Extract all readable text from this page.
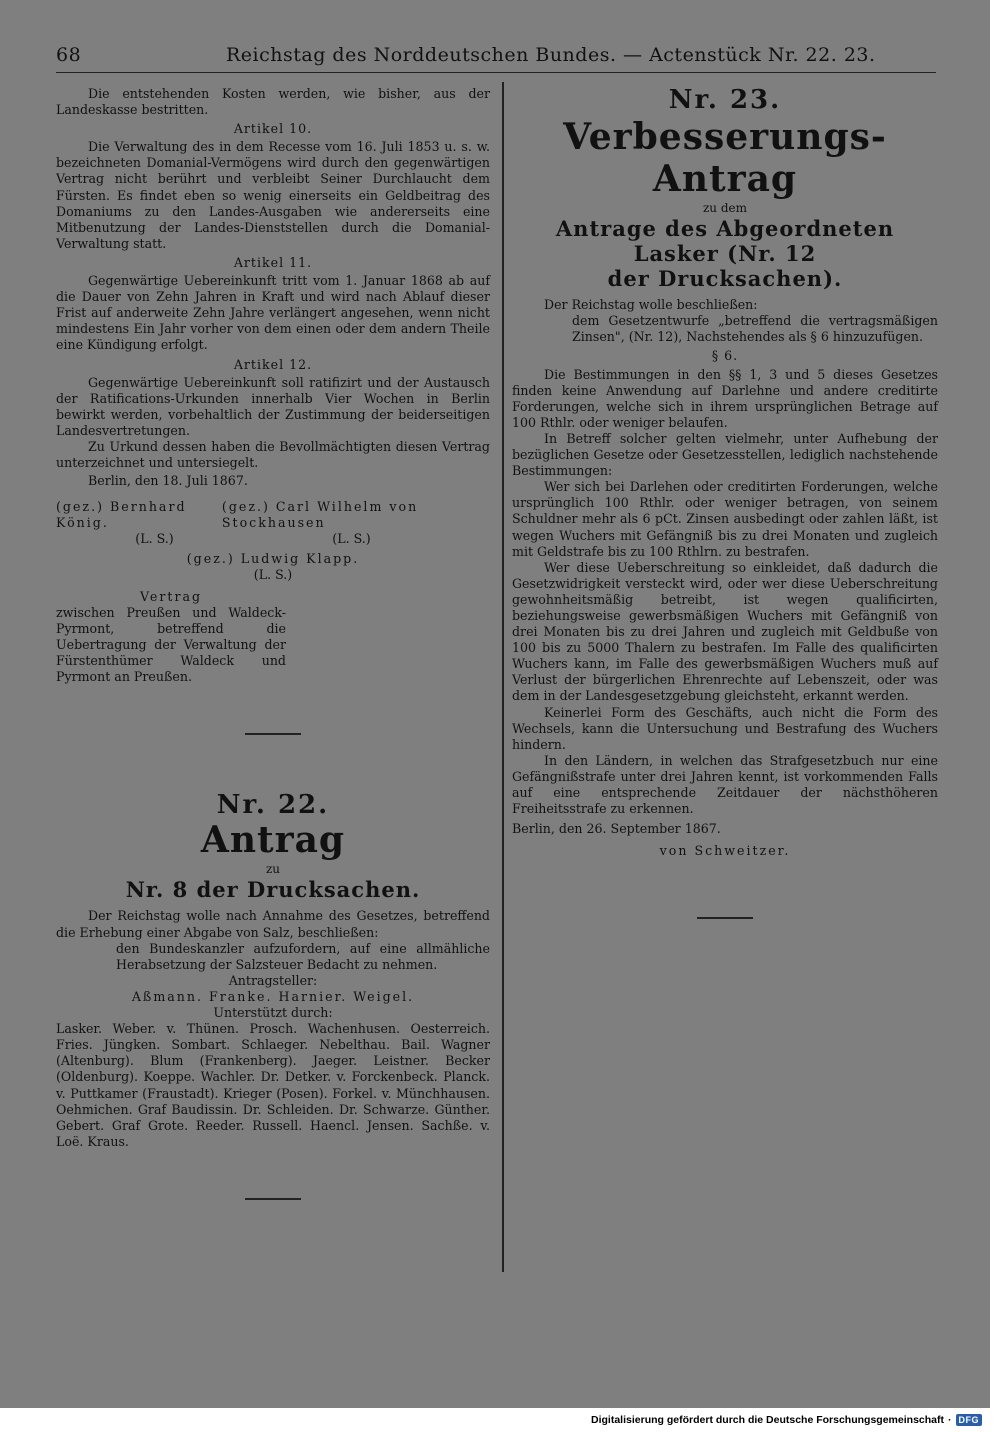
68	Reichstag des Norddeutschen Bundes. — Actenstück Nr. 22. 23.

Die entstehenden Kosten werden, wie bisher, aus der Landeskasse bestritten.

Artikel 10.

Die Verwaltung des in dem Recesse vom 16. Juli 1853 u. s. w. bezeichneten Domanial-Vermögens wird durch den gegenwärtigen Vertrag nicht berührt und verbleibt Seiner Durchlaucht dem Fürsten. Es findet eben so wenig einerseits ein Geldbeitrag des Domaniums zu den Landes-Ausgaben wie andererseits eine Mitbenutzung der Landes-Dienststellen durch die Domanial-Verwaltung statt.

Artikel 11.

Gegenwärtige Uebereinkunft tritt vom 1. Januar 1868 ab auf die Dauer von Zehn Jahren in Kraft und wird nach Ablauf dieser Frist auf anderweite Zehn Jahre verlängert angesehen, wenn nicht mindestens Ein Jahr vorher von dem einen oder dem andern Theile eine Kündigung erfolgt.

Artikel 12.

Gegenwärtige Uebereinkunft soll ratifizirt und der Austausch der Ratifications-Urkunden innerhalb Vier Wochen in Berlin bewirkt werden, vorbehaltlich der Zustimmung der beiderseitigen Landesvertretungen.

Zu Urkund dessen haben die Bevollmächtigten diesen Vertrag unterzeichnet und untersiegelt.

Berlin, den 18. Juli 1867.

(gez.) Bernhard König.
(gez.) Carl Wilhelm von Stockhausen
(L. S.)	(L. S.)
(gez.) Ludwig Klapp.
(L. S.)
Vertrag

zwischen Preußen und Waldeck-Pyrmont, betreffend die Uebertragung der Verwaltung der Fürstenthümer Waldeck und Pyrmont an Preußen.

Nr. 22.
Antrag
zu
Nr. 8 der Drucksachen.

Der Reichstag wolle nach Annahme des Gesetzes, betreffend die Erhebung einer Abgabe von Salz, beschließen:

den Bundeskanzler aufzufordern, auf eine allmähliche Herabsetzung der Salzsteuer Bedacht zu nehmen.

Antragsteller:
Aßmann. Franke. Harnier. Weigel.
Unterstützt durch:

Lasker. Weber. v. Thünen. Prosch. Wachenhusen. Oesterreich. Fries. Jüngken. Sombart. Schlaeger. Nebelthau. Bail. Wagner (Altenburg). Blum (Frankenberg). Jaeger. Leistner. Becker (Oldenburg). Koeppe. Wachler. Dr. Detker. v. Forckenbeck. Planck. v. Puttkamer (Fraustadt). Krieger (Posen). Forkel. v. Münchhausen. Oehmichen. Graf Baudissin. Dr. Schleiden. Dr. Schwarze. Günther. Gebert. Graf Grote. Reeder. Russell. Haencl. Jensen. Sachße. v. Loë. Kraus.

Nr. 23.
Verbesserungs-Antrag
zu dem
Antrage des Abgeordneten Lasker (Nr. 12
der Drucksachen).

Der Reichstag wolle beschließen:

dem Gesetzentwurfe „betreffend die vertragsmäßigen Zinsen", (Nr. 12), Nachstehendes als § 6 hinzuzufügen.

§ 6.

Die Bestimmungen in den §§ 1, 3 und 5 dieses Gesetzes finden keine Anwendung auf Darlehne und andere creditirte Forderungen, welche sich in ihrem ursprünglichen Betrage auf 100 Rthlr. oder weniger belaufen.

In Betreff solcher gelten vielmehr, unter Aufhebung der bezüglichen Gesetze oder Gesetzesstellen, lediglich nachstehende Bestimmungen:

Wer sich bei Darlehen oder creditirten Forderungen, welche ursprünglich 100 Rthlr. oder weniger betragen, von seinem Schuldner mehr als 6 pCt. Zinsen ausbedingt oder zahlen läßt, ist wegen Wuchers mit Gefängniß bis zu drei Monaten und zugleich mit Geldstrafe bis zu 100 Rthlrn. zu bestrafen.

Wer diese Ueberschreitung so einkleidet, daß dadurch die Gesetzwidrigkeit versteckt wird, oder wer diese Ueberschreitung gewohnheitsmäßig betreibt, ist wegen qualificirten, beziehungsweise gewerbsmäßigen Wuchers mit Gefängniß von drei Monaten bis zu drei Jahren und zugleich mit Geldbuße von 100 bis zu 5000 Thalern zu bestrafen. Im Falle des qualificirten Wuchers kann, im Falle des gewerbsmäßigen Wuchers muß auf Verlust der bürgerlichen Ehrenrechte auf Lebenszeit, oder was dem in der Landesgesetzgebung gleichsteht, erkannt werden.

Keinerlei Form des Geschäfts, auch nicht die Form des Wechsels, kann die Untersuchung und Bestrafung des Wuchers hindern.

In den Ländern, in welchen das Strafgesetzbuch nur eine Gefängnißstrafe unter drei Jahren kennt, ist vorkommenden Falls auf eine entsprechende Zeitdauer der nächsthöheren Freiheitsstrafe zu erkennen.

Berlin, den 26. September 1867.

von Schweitzer.
Digitalisierung gefördert durch die Deutsche Forschungsgemeinschaft · DFG
